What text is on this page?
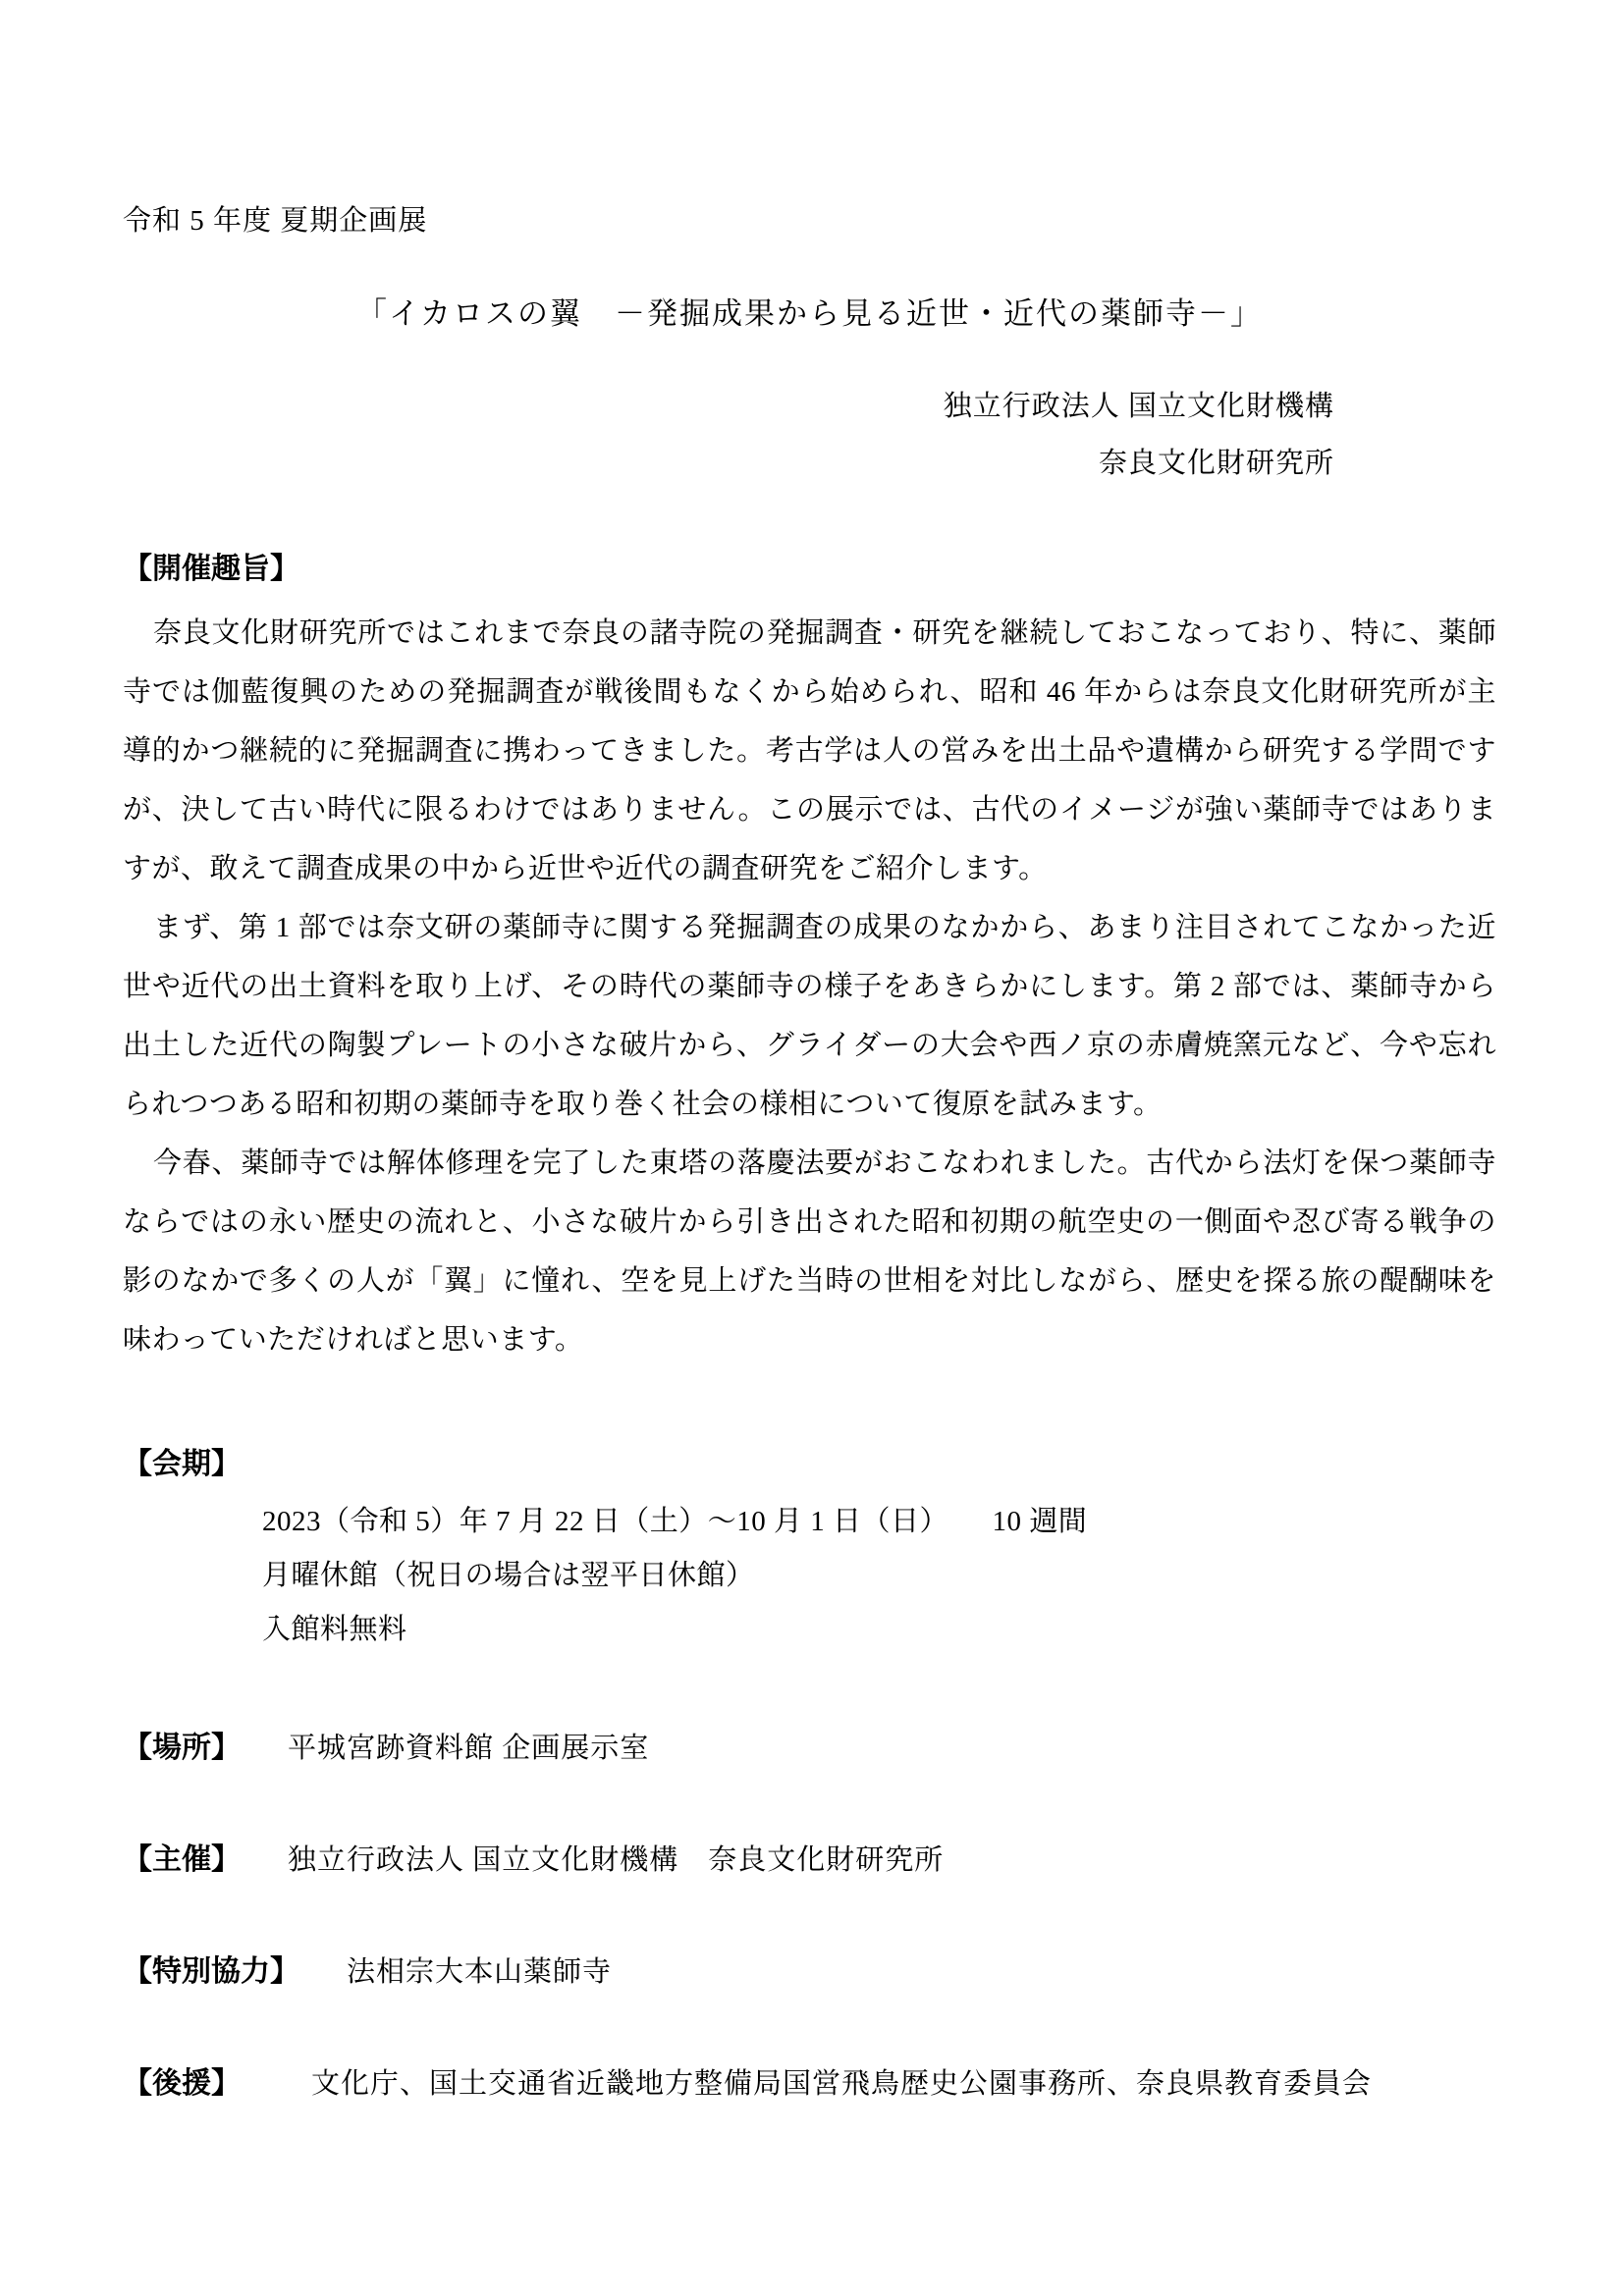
令和 5 年度 夏期企画展
「イカロスの翼　－発掘成果から見る近世・近代の薬師寺－」
独立行政法人 国立文化財機構
奈良文化財研究所
【開催趣旨】

奈良文化財研究所ではこれまで奈良の諸寺院の発掘調査・研究を継続しておこなっており、特に、薬師寺では伽藍復興のための発掘調査が戦後間もなくから始められ、昭和 46 年からは奈良文化財研究所が主導的かつ継続的に発掘調査に携わってきました。考古学は人の営みを出土品や遺構から研究する学問ですが、決して古い時代に限るわけではありません。この展示では、古代のイメージが強い薬師寺ではありますが、敢えて調査成果の中から近世や近代の調査研究をご紹介します。

まず、第 1 部では奈文研の薬師寺に関する発掘調査の成果のなかから、あまり注目されてこなかった近世や近代の出土資料を取り上げ、その時代の薬師寺の様子をあきらかにします。第 2 部では、薬師寺から出土した近代の陶製プレートの小さな破片から、グライダーの大会や西ノ京の赤膚焼窯元など、今や忘れられつつある昭和初期の薬師寺を取り巻く社会の様相について復原を試みます。

今春、薬師寺では解体修理を完了した東塔の落慶法要がおこなわれました。古代から法灯を保つ薬師寺ならではの永い歴史の流れと、小さな破片から引き出された昭和初期の航空史の一側面や忍び寄る戦争の影のなかで多くの人が「翼」に憧れ、空を見上げた当時の世相を対比しながら、歴史を探る旅の醍醐味を味わっていただければと思います。

【会期】
2023（令和 5）年 7 月 22 日（土）～10 月 1 日（日）　　10 週間
月曜休館（祝日の場合は翌平日休館）
入館料無料
【場所】 平城宮跡資料館 企画展示室
【主催】 独立行政法人 国立文化財機構　奈良文化財研究所
【特別協力】 法相宗大本山薬師寺
【後援】 文化庁、国土交通省近畿地方整備局国営飛鳥歴史公園事務所、奈良県教育委員会
